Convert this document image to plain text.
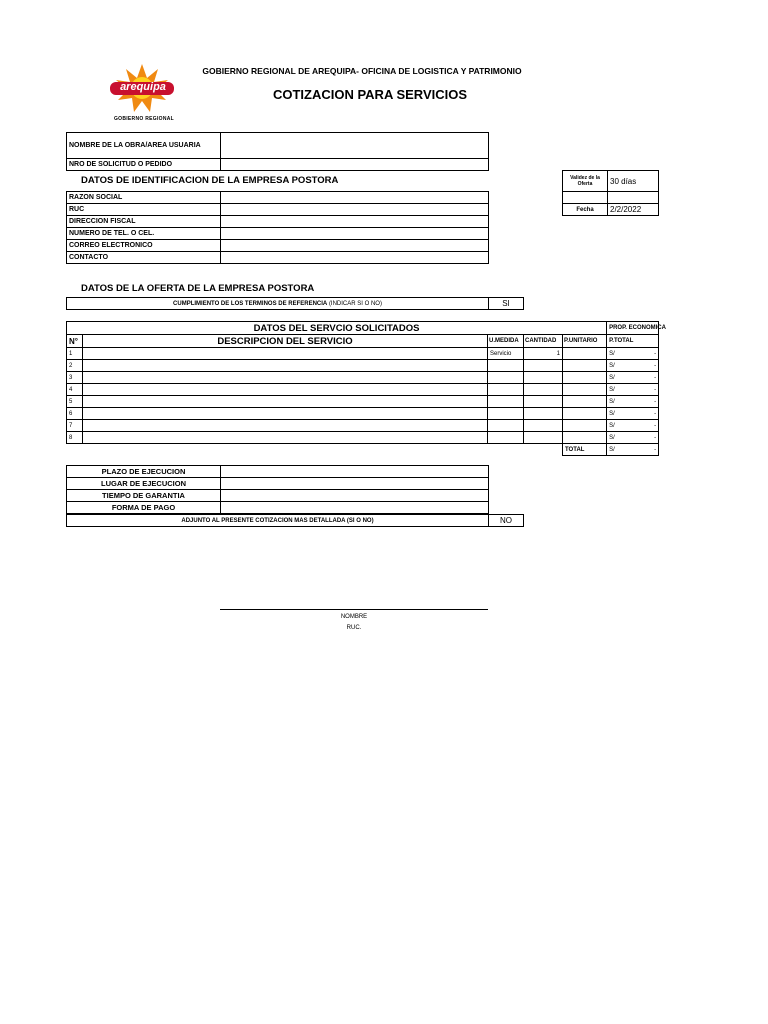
arequipa
GOBIERNO REGIONAL
GOBIERNO REGIONAL DE AREQUIPA- OFICINA DE LOGISTICA Y PATRIMONIO
COTIZACION PARA SERVICIOS
NOMBRE DE LA OBRA/AREA USUARIA	
NRO DE SOLICITUD O PEDIDO	
DATOS DE IDENTIFICACION DE LA EMPRESA POSTORA
RAZON SOCIAL	
RUC	
DIRECCION FISCAL	
NUMERO DE TEL. O CEL.	
CORREO ELECTRONICO	
CONTACTO	
Validez de la Oferta	30 días

Fecha	2/2/2022
DATOS DE LA OFERTA DE LA EMPRESA POSTORA
CUMPLIMIENTO DE LOS TERMINOS DE REFERENCIA (INDICAR SI O NO)	SI
DATOS DEL SERVCIO SOLICITADOS					PROP. ECONOMICA	
N°	DESCRIPCION DEL SERVICIO	U.MEDIDA	CANTIDAD	P.UNITARIO	P.TOTAL	
1		Servicio	1		S/	-
2					S/	-
3					S/	-
4					S/	-
5					S/	-
6					S/	-
7					S/	-
8					S/	-
				TOTAL	S/	-
PLAZO DE EJECUCION	
LUGAR DE EJECUCION	
TIEMPO DE GARANTIA	
FORMA DE PAGO	
ADJUNTO AL PRESENTE COTIZACION MAS DETALLADA (SI O NO)	NO
NOMBRE
RUC.
